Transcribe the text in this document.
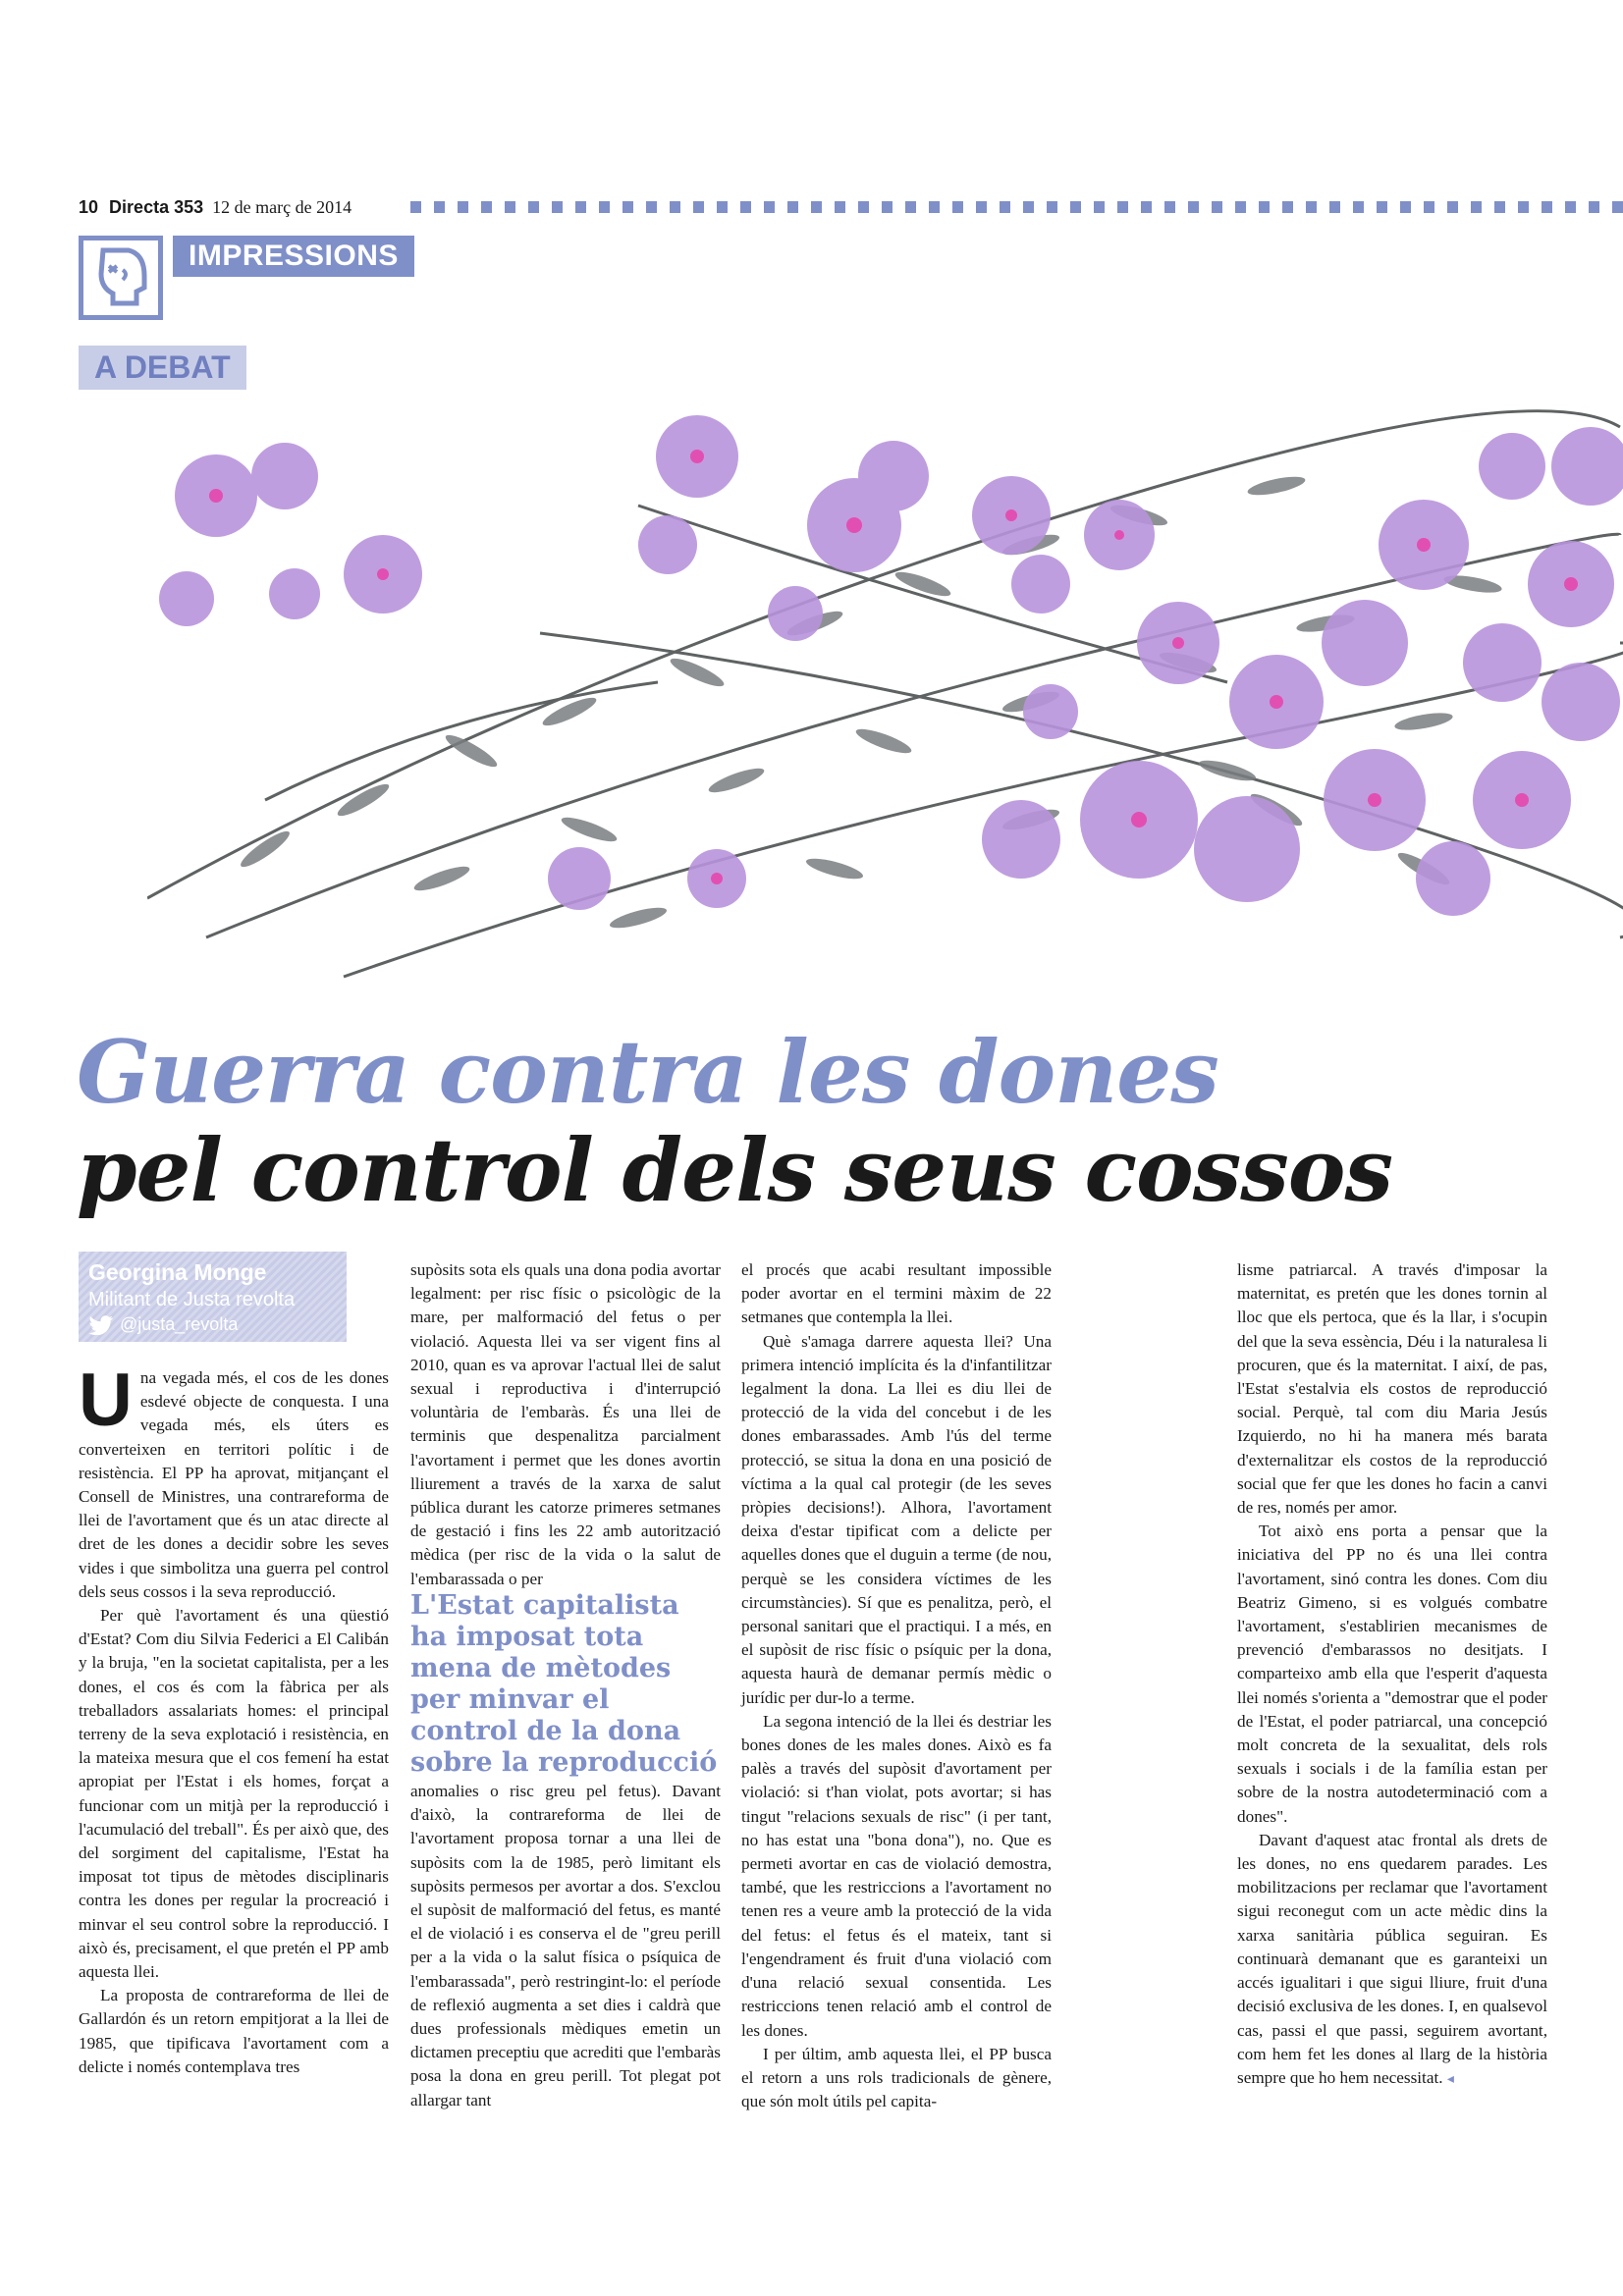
10 Directa 353 12 de març de 2014
IMPRESSIONS
A DEBAT
Guerra contra les dones
pel control dels seus cossos
Georgina Monge
Militant de Justa revolta
@justa_revolta

Una vegada més, el cos de les dones esdevé objecte de conquesta. I una vegada més, els úters es converteixen en territori polític i de resistència. El PP ha aprovat, mitjançant el Consell de Ministres, una contrareforma de llei de l'avortament que és un atac directe al dret de les dones a decidir sobre les seves vides i que simbolitza una guerra pel control dels seus cossos i la seva reproducció.

Per què l'avortament és una qüestió d'Estat? Com diu Silvia Federici a El Calibán y la bruja, "en la societat capitalista, per a les dones, el cos és com la fàbrica per als treballadors assalariats homes: el principal terreny de la seva explotació i resistència, en la mateixa mesura que el cos femení ha estat apropiat per l'Estat i els homes, forçat a funcionar com un mitjà per la reproducció i l'acumulació del treball". És per això que, des del sorgiment del capitalisme, l'Estat ha imposat tot tipus de mètodes disciplinaris contra les dones per regular la procreació i minvar el seu control sobre la reproducció. I això és, precisament, el que pretén el PP amb aquesta llei.

La proposta de contrareforma de llei de Gallardón és un retorn empitjorat a la llei de 1985, que tipificava l'avortament com a delicte i només contemplava tres

supòsits sota els quals una dona podia avortar legalment: per risc físic o psicològic de la mare, per malformació del fetus o per violació. Aquesta llei va ser vigent fins al 2010, quan es va aprovar l'actual llei de salut sexual i reproductiva i d'interrupció voluntària de l'embaràs. És una llei de terminis que despenalitza parcialment l'avortament i permet que les dones avortin lliurement a través de la xarxa de salut pública durant les catorze primeres setmanes de gestació i fins les 22 amb autorització mèdica (per risc de la vida o la salut de l'embarassada o per

L'Estat capitalista ha imposat tota mena de mètodes per minvar el control de la dona sobre la reproducció

anomalies o risc greu pel fetus). Davant d'això, la contrareforma de llei de l'avortament proposa tornar a una llei de supòsits com la de 1985, però limitant els supòsits permesos per avortar a dos. S'exclou el supòsit de malformació del fetus, es manté el de violació i es conserva el de "greu perill per a la vida o la salut física o psíquica de l'embarassada", però restringint-lo: el període de reflexió augmenta a set dies i caldrà que dues professionals mèdiques emetin un dictamen preceptiu que acrediti que l'embaràs posa la dona en greu perill. Tot plegat pot allargar tant

el procés que acabi resultant impossible poder avortar en el termini màxim de 22 setmanes que contempla la llei.

Què s'amaga darrere aquesta llei? Una primera intenció implícita és la d'infantilitzar legalment la dona. La llei es diu llei de protecció de la vida del concebut i de les dones embarassades. Amb l'ús del terme protecció, se situa la dona en una posició de víctima a la qual cal protegir (de les seves pròpies decisions!). Alhora, l'avortament deixa d'estar tipificat com a delicte per aquelles dones que el duguin a terme (de nou, perquè se les considera víctimes de les circumstàncies). Sí que es penalitza, però, el personal sanitari que el practiqui. I a més, en el supòsit de risc físic o psíquic per la dona, aquesta haurà de demanar permís mèdic o jurídic per dur-lo a terme.

La segona intenció de la llei és destriar les bones dones de les males dones. Això es fa palès a través del supòsit d'avortament per violació: si t'han violat, pots avortar; si has tingut "relacions sexuals de risc" (i per tant, no has estat una "bona dona"), no. Que es permeti avortar en cas de violació demostra, també, que les restriccions a l'avortament no tenen res a veure amb la protecció de la vida del fetus: el fetus és el mateix, tant si l'engendrament és fruit d'una violació com d'una relació sexual consentida. Les restriccions tenen relació amb el control de les dones.

I per últim, amb aquesta llei, el PP busca el retorn a uns rols tradicionals de gènere, que són molt útils pel capita-

lisme patriarcal. A través d'imposar la maternitat, es pretén que les dones tornin al lloc que els pertoca, que és la llar, i s'ocupin del que la seva essència, Déu i la naturalesa li procuren, que és la maternitat. I així, de pas, l'Estat s'estalvia els costos de reproducció social. Perquè, tal com diu Maria Jesús Izquierdo, no hi ha manera més barata d'externalitzar els costos de la reproducció social que fer que les dones ho facin a canvi de res, només per amor.

Tot això ens porta a pensar que la iniciativa del PP no és una llei contra l'avortament, sinó contra les dones. Com diu Beatriz Gimeno, si es volgués combatre l'avortament, s'establirien mecanismes de prevenció d'embarassos no desitjats. I comparteixo amb ella que l'esperit d'aquesta llei només s'orienta a "demostrar que el poder de l'Estat, el poder patriarcal, una concepció molt concreta de la sexualitat, dels rols sexuals i socials i de la família estan per sobre de la nostra autodeterminació com a dones".

Davant d'aquest atac frontal als drets de les dones, no ens quedarem parades. Les mobilitzacions per reclamar que l'avortament sigui reconegut com un acte mèdic dins la xarxa sanitària pública seguiran. Es continuarà demanant que es garanteixi un accés igualitari i que sigui lliure, fruit d'una decisió exclusiva de les dones. I, en qualsevol cas, passi el que passi, seguirem avortant, com hem fet les dones al llarg de la història sempre que ho hem necessitat. ◂
